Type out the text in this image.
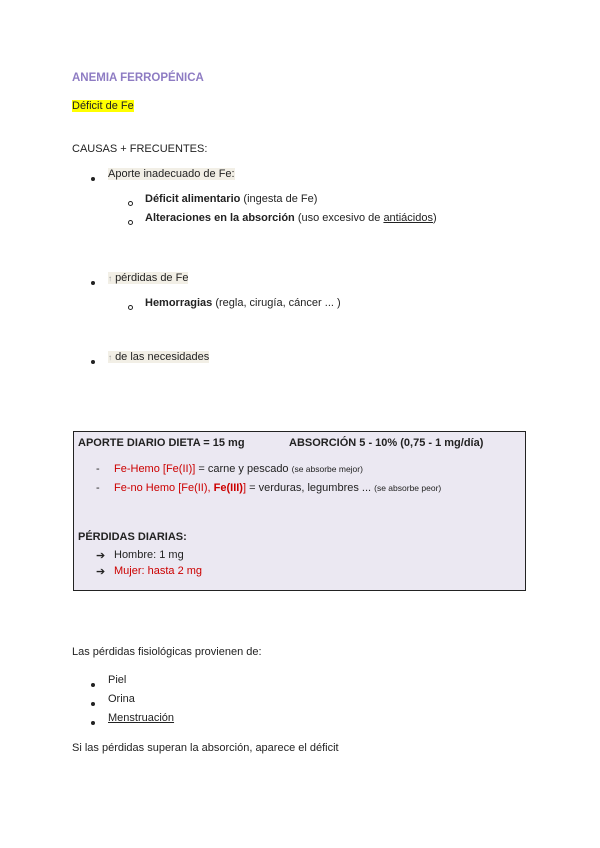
ANEMIA FERROPÉNICA
Déficit de Fe
CAUSAS + FRECUENTES:
Aporte inadecuado de Fe:
Déficit alimentario (ingesta de Fe)
Alteraciones en la absorción (uso excesivo de antiácidos)
↑ pérdidas de Fe
Hemorragias (regla, cirugía, cáncer ... )
↑ de las necesidades
APORTE DIARIO DIETA = 15 mg	ABSORCIÓN 5 - 10% (0,75 - 1 mg/día)
- Fe-Hemo [Fe(II)] = carne y pescado (se absorbe mejor)
- Fe-no Hemo [Fe(II), Fe(III)] = verduras, legumbres ... (se absorbe peor)
PÉRDIDAS DIARIAS:
➔ Hombre: 1 mg
➔ Mujer: hasta 2 mg
Las pérdidas fisiológicas provienen de:
Piel
Orina
Menstruación
Si las pérdidas superan la absorción, aparece el déficit
